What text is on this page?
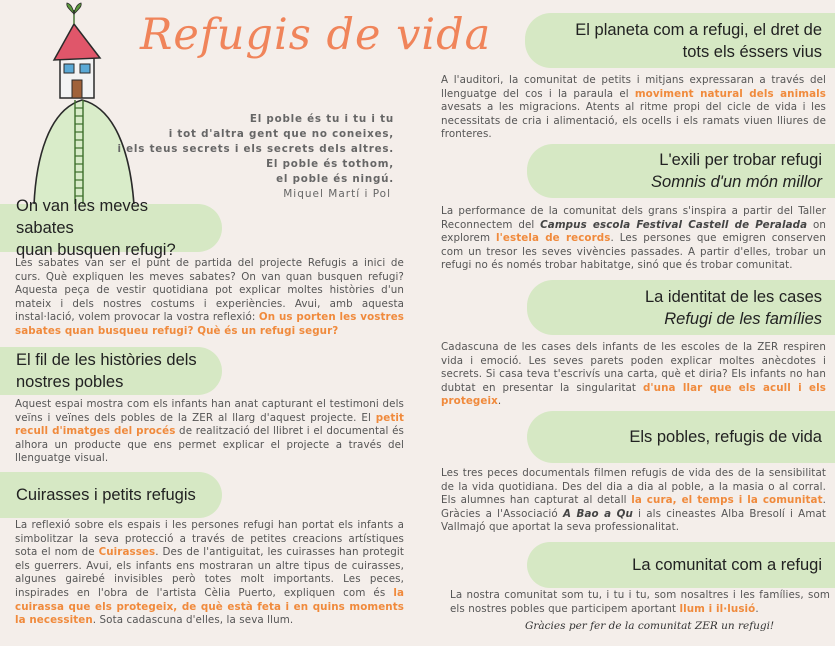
Refugis de vida
El poble és tu i tu i tu
i tot d'altra gent que no coneixes,
i els teus secrets i els secrets dels altres.
El poble és tothom,
el poble és ningú.
Miquel Martí i Pol
On van les meves sabates
quan busquen refugi?
Les sabates van ser el punt de partida del projecte Refugis a inici de curs. Què expliquen les meves sabates? On van quan busquen refugi? Aquesta peça de vestir quotidiana pot explicar moltes històries d'un mateix i dels nostres costums i experiències. Avui, amb aquesta instal·lació, volem provocar la vostra reflexió: On us porten les vostres sabates quan busqueu refugi? Què és un refugi segur?
El fil de les històries dels
nostres pobles
Aquest espai mostra com els infants han anat capturant el testimoni dels veïns i veïnes dels pobles de la ZER al llarg d'aquest projecte. El petit recull d'imatges del procés de realització del llibret i el documental és alhora un producte que ens permet explicar el projecte a través del llenguatge visual.
Cuirasses i petits refugis
La reflexió sobre els espais i les persones refugi han portat els infants a simbolitzar la seva protecció a través de petites creacions artístiques sota el nom de Cuirasses. Des de l'antiguitat, les cuirasses han protegit els guerrers. Avui, els infants ens mostraran un altre tipus de cuirasses, algunes gairebé invisibles però totes molt importants. Les peces, inspirades en l'obra de l'artista Cèlia Puerto, expliquen com és la cuirassa que els protegeix, de què està feta i en quins moments la necessiten. Sota cadascuna d'elles, la seva llum.
El planeta com a refugi, el dret de
tots els éssers vius
A l'auditori, la comunitat de petits i mitjans expressaran a través del llenguatge del cos i la paraula el moviment natural dels animals avesats a les migracions. Atents al ritme propi del cicle de vida i les necessitats de cria i alimentació, els ocells i els ramats viuen lliures de fronteres.
L'exili per trobar refugi
Somnis d'un món millor
La performance de la comunitat dels grans s'inspira a partir del Taller Reconnectem del Campus escola Festival Castell de Peralada on explorem l'estela de records. Les persones que emigren conserven com un tresor les seves vivències passades. A partir d'elles, trobar un refugi no és només trobar habitatge, sinó que és trobar comunitat.
La identitat de les cases
Refugi de les famílies
Cadascuna de les cases dels infants de les escoles de la ZER respiren vida i emoció. Les seves parets poden explicar moltes anècdotes i secrets. Si casa teva t'escrivís una carta, què et diria? Els infants no han dubtat en presentar la singularitat d'una llar que els acull i els protegeix.
Els pobles, refugis de vida
Les tres peces documentals filmen refugis de vida des de la sensibilitat de la vida quotidiana. Des del dia a dia al poble, a la masia o al corral. Els alumnes han capturat al detall la cura, el temps i la comunitat. Gràcies a l'Associació A Bao a Qu i als cineastes Alba Bresolí i Amat Vallmajó que aportat la seva professionalitat.
La comunitat com a refugi
La nostra comunitat som tu, i tu i tu, som nosaltres i les famílies, som els nostres pobles que participem aportant llum i il·lusió.
Gràcies per fer de la comunitat ZER un refugi!
